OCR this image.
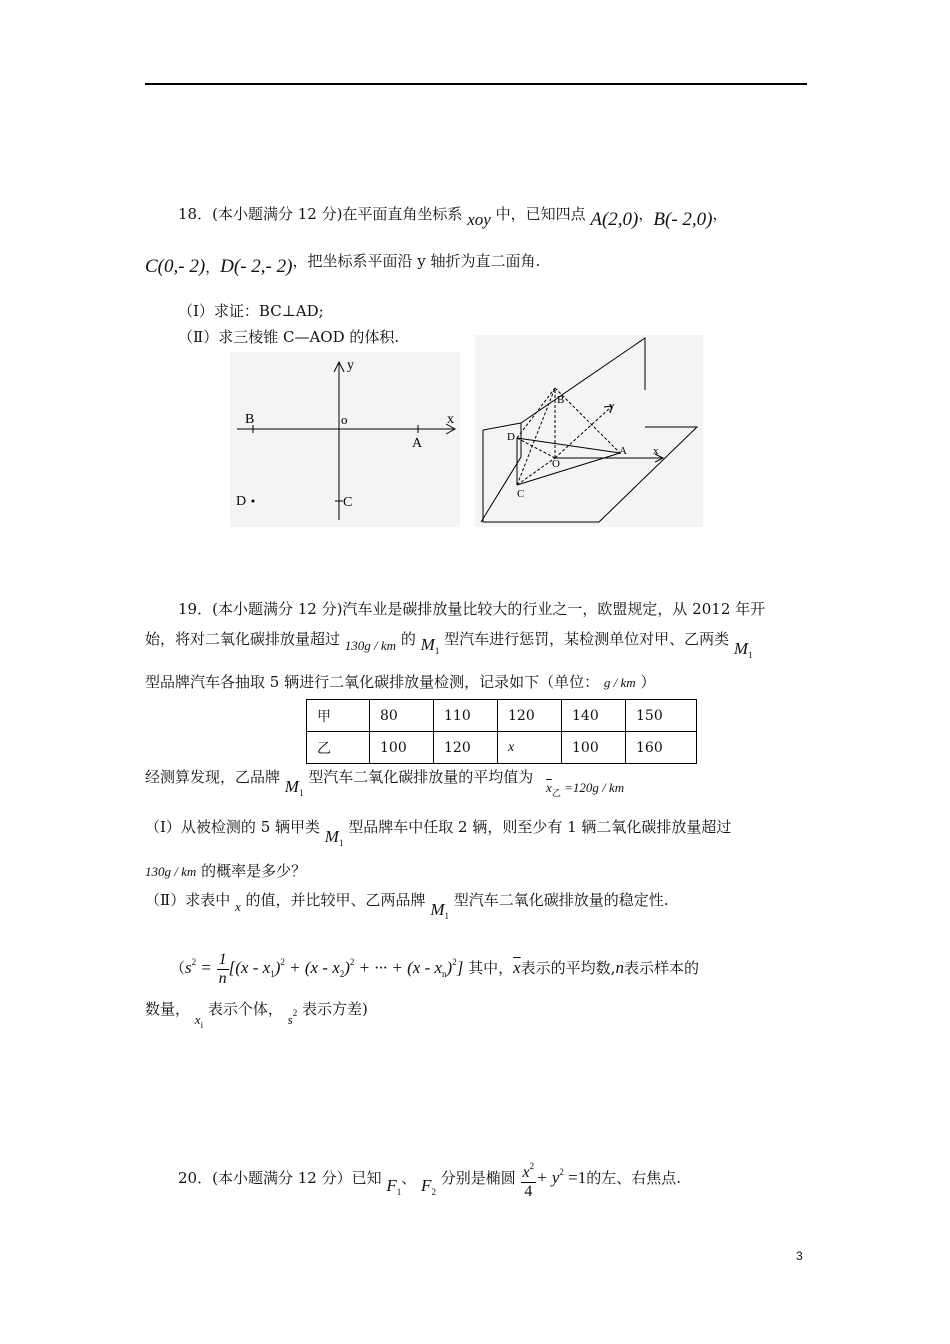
18．(本小题满分 12 分)在平面直角坐标系 xoy 中，已知四点 A(2,0)，B(- 2,0)，
C(0,- 2)，D(- 2,- 2)，把坐标系平面沿 y 轴折为直二面角.
（Ⅰ）求证：BC⊥AD;
（Ⅱ）求三棱锥 C—AOD 的体积.
y
x
o
B
A
D	C
B	y
D
A x
O
C
19．(本小题满分 12 分)汽车业是碳排放量比较大的行业之一，欧盟规定，从 2012 年开
始，将对二氧化碳排放量超过 130g / km 的 $M_1$ 型汽车进行惩罚，某检测单位对甲、乙两类 $M_1$
型品牌汽车各抽取 5 辆进行二氧化碳排放量检测，记录如下（单位： g / km ）
甲	80	110	120	140	150
乙	100	120	x	100	160
经测算发现，乙品牌 $M_1$ 型汽车二氧化碳排放量的平均值为 $\overline{x}_乙 =120g$ / km
（Ⅰ）从被检测的 5 辆甲类 $M_1$ 型品牌车中任取 2 辆，则至少有 1 辆二氧化碳排放量超过
130g / km 的概率是多少？
（Ⅱ）求表中 x 的值，并比较甲、乙两品牌 $M_1$ 型汽车二氧化碳排放量的稳定性.
（$s^2 = \frac{1}{n} [(x - x_1)^2 + (x - x_2)^2$ + ··· + $(x - x_n)^2$] 其中，$\overline{x}$表示的平均数,n表示样本的
数量， $x_i$ 表示个体， $s^2$ 表示方差)
20．(本小题满分 12 分）已知 $F_1$、 $F_2$ 分别是椭圆 $\frac{x^2}{4} + y^2 =1$的左、右焦点.
3
